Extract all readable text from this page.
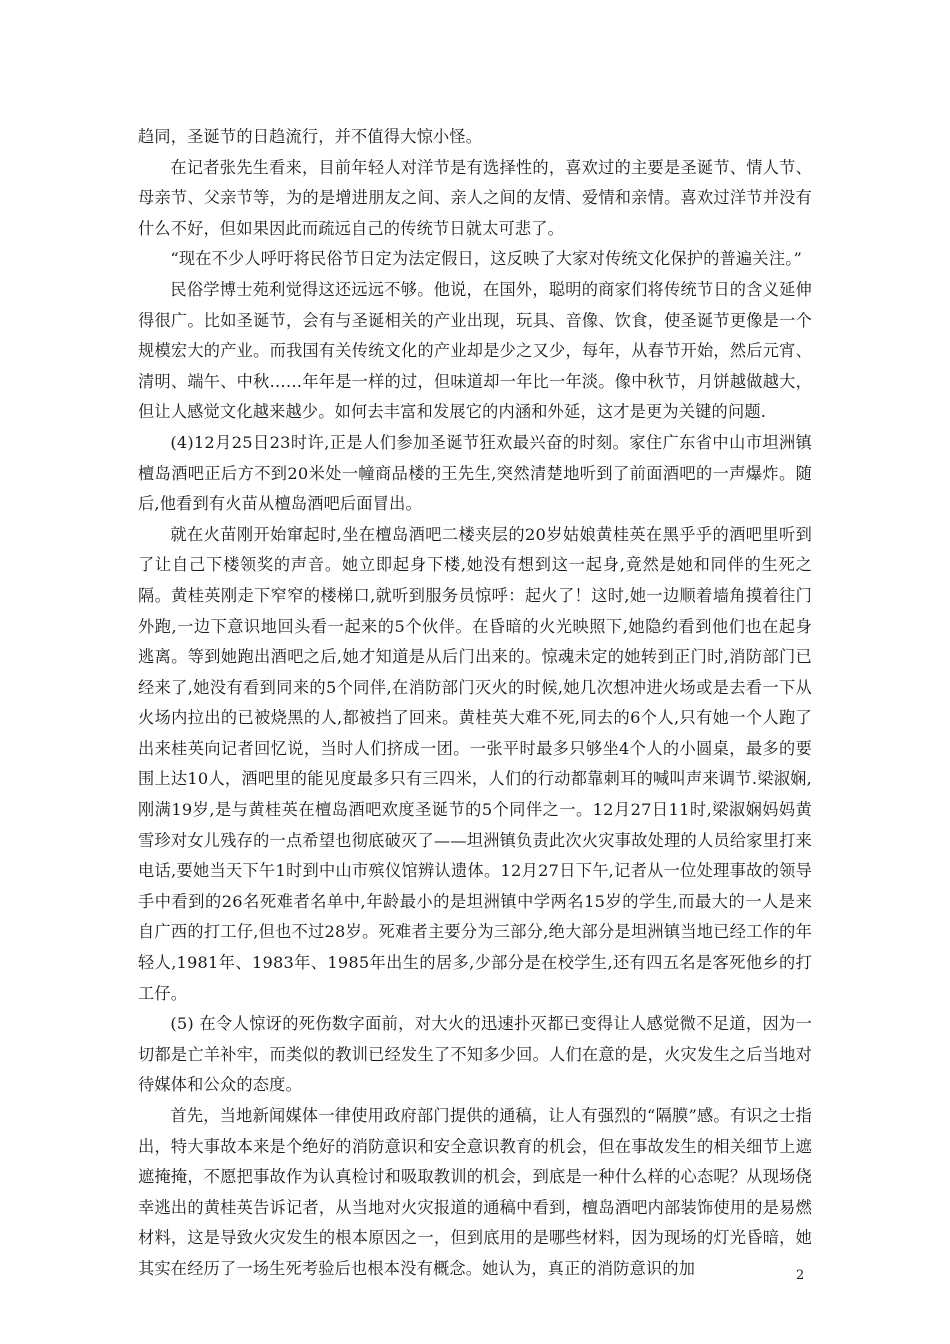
趋同，圣诞节的日趋流行，并不值得大惊小怪。

在记者张先生看来，目前年轻人对洋节是有选择性的，喜欢过的主要是圣诞节、情人节、母亲节、父亲节等，为的是增进朋友之间、亲人之间的友情、爱情和亲情。喜欢过洋节并没有什么不好，但如果因此而疏远自己的传统节日就太可悲了。

“现在不少人呼吁将民俗节日定为法定假日，这反映了大家对传统文化保护的普遍关注。”

民俗学博士苑利觉得这还远远不够。他说，在国外，聪明的商家们将传统节日的含义延伸得很广。比如圣诞节，会有与圣诞相关的产业出现，玩具、音像、饮食，使圣诞节更像是一个规模宏大的产业。而我国有关传统文化的产业却是少之又少，每年，从春节开始，然后元宵、清明、端午、中秋……年年是一样的过，但味道却一年比一年淡。像中秋节，月饼越做越大，但让人感觉文化越来越少。如何去丰富和发展它的内涵和外延，这才是更为关键的问题.

(4)12月25日23时许,正是人们参加圣诞节狂欢最兴奋的时刻。家住广东省中山市坦洲镇檀岛酒吧正后方不到20米处一幢商品楼的王先生,突然清楚地听到了前面酒吧的一声爆炸。随后,他看到有火苗从檀岛酒吧后面冒出。

就在火苗刚开始窜起时,坐在檀岛酒吧二楼夹层的20岁姑娘黄桂英在黑乎乎的酒吧里听到了让自己下楼领奖的声音。她立即起身下楼,她没有想到这一起身,竟然是她和同伴的生死之隔。黄桂英刚走下窄窄的楼梯口,就听到服务员惊呼：起火了！这时,她一边顺着墙角摸着往门外跑,一边下意识地回头看一起来的5个伙伴。在昏暗的火光映照下,她隐约看到他们也在起身逃离。等到她跑出酒吧之后,她才知道是从后门出来的。惊魂未定的她转到正门时,消防部门已经来了,她没有看到同来的5个同伴,在消防部门灭火的时候,她几次想冲进火场或是去看一下从火场内拉出的已被烧黑的人,都被挡了回来。黄桂英大难不死,同去的6个人,只有她一个人跑了出来桂英向记者回忆说，当时人们挤成一团。一张平时最多只够坐4个人的小圆桌，最多的要围上达10人，酒吧里的能见度最多只有三四米，人们的行动都靠刺耳的喊叫声来调节.梁淑娴,刚满19岁,是与黄桂英在檀岛酒吧欢度圣诞节的5个同伴之一。12月27日11时,梁淑娴妈妈黄雪珍对女儿残存的一点希望也彻底破灭了——坦洲镇负责此次火灾事故处理的人员给家里打来电话,要她当天下午1时到中山市殡仪馆辨认遗体。12月27日下午,记者从一位处理事故的领导手中看到的26名死难者名单中,年龄最小的是坦洲镇中学两名15岁的学生,而最大的一人是来自广西的打工仔,但也不过28岁。死难者主要分为三部分,绝大部分是坦洲镇当地已经工作的年轻人,1981年、1983年、1985年出生的居多,少部分是在校学生,还有四五名是客死他乡的打工仔。

(5) 在令人惊讶的死伤数字面前，对大火的迅速扑灭都已变得让人感觉微不足道，因为一切都是亡羊补牢，而类似的教训已经发生了不知多少回。人们在意的是，火灾发生之后当地对待媒体和公众的态度。

首先，当地新闻媒体一律使用政府部门提供的通稿，让人有强烈的“隔膜”感。有识之士指出，特大事故本来是个绝好的消防意识和安全意识教育的机会，但在事故发生的相关细节上遮遮掩掩，不愿把事故作为认真检讨和吸取教训的机会，到底是一种什么样的心态呢？从现场侥幸逃出的黄桂英告诉记者，从当地对火灾报道的通稿中看到，檀岛酒吧内部装饰使用的是易燃材料，这是导致火灾发生的根本原因之一，但到底用的是哪些材料，因为现场的灯光昏暗，她其实在经历了一场生死考验后也根本没有概念。她认为，真正的消防意识的加	2
